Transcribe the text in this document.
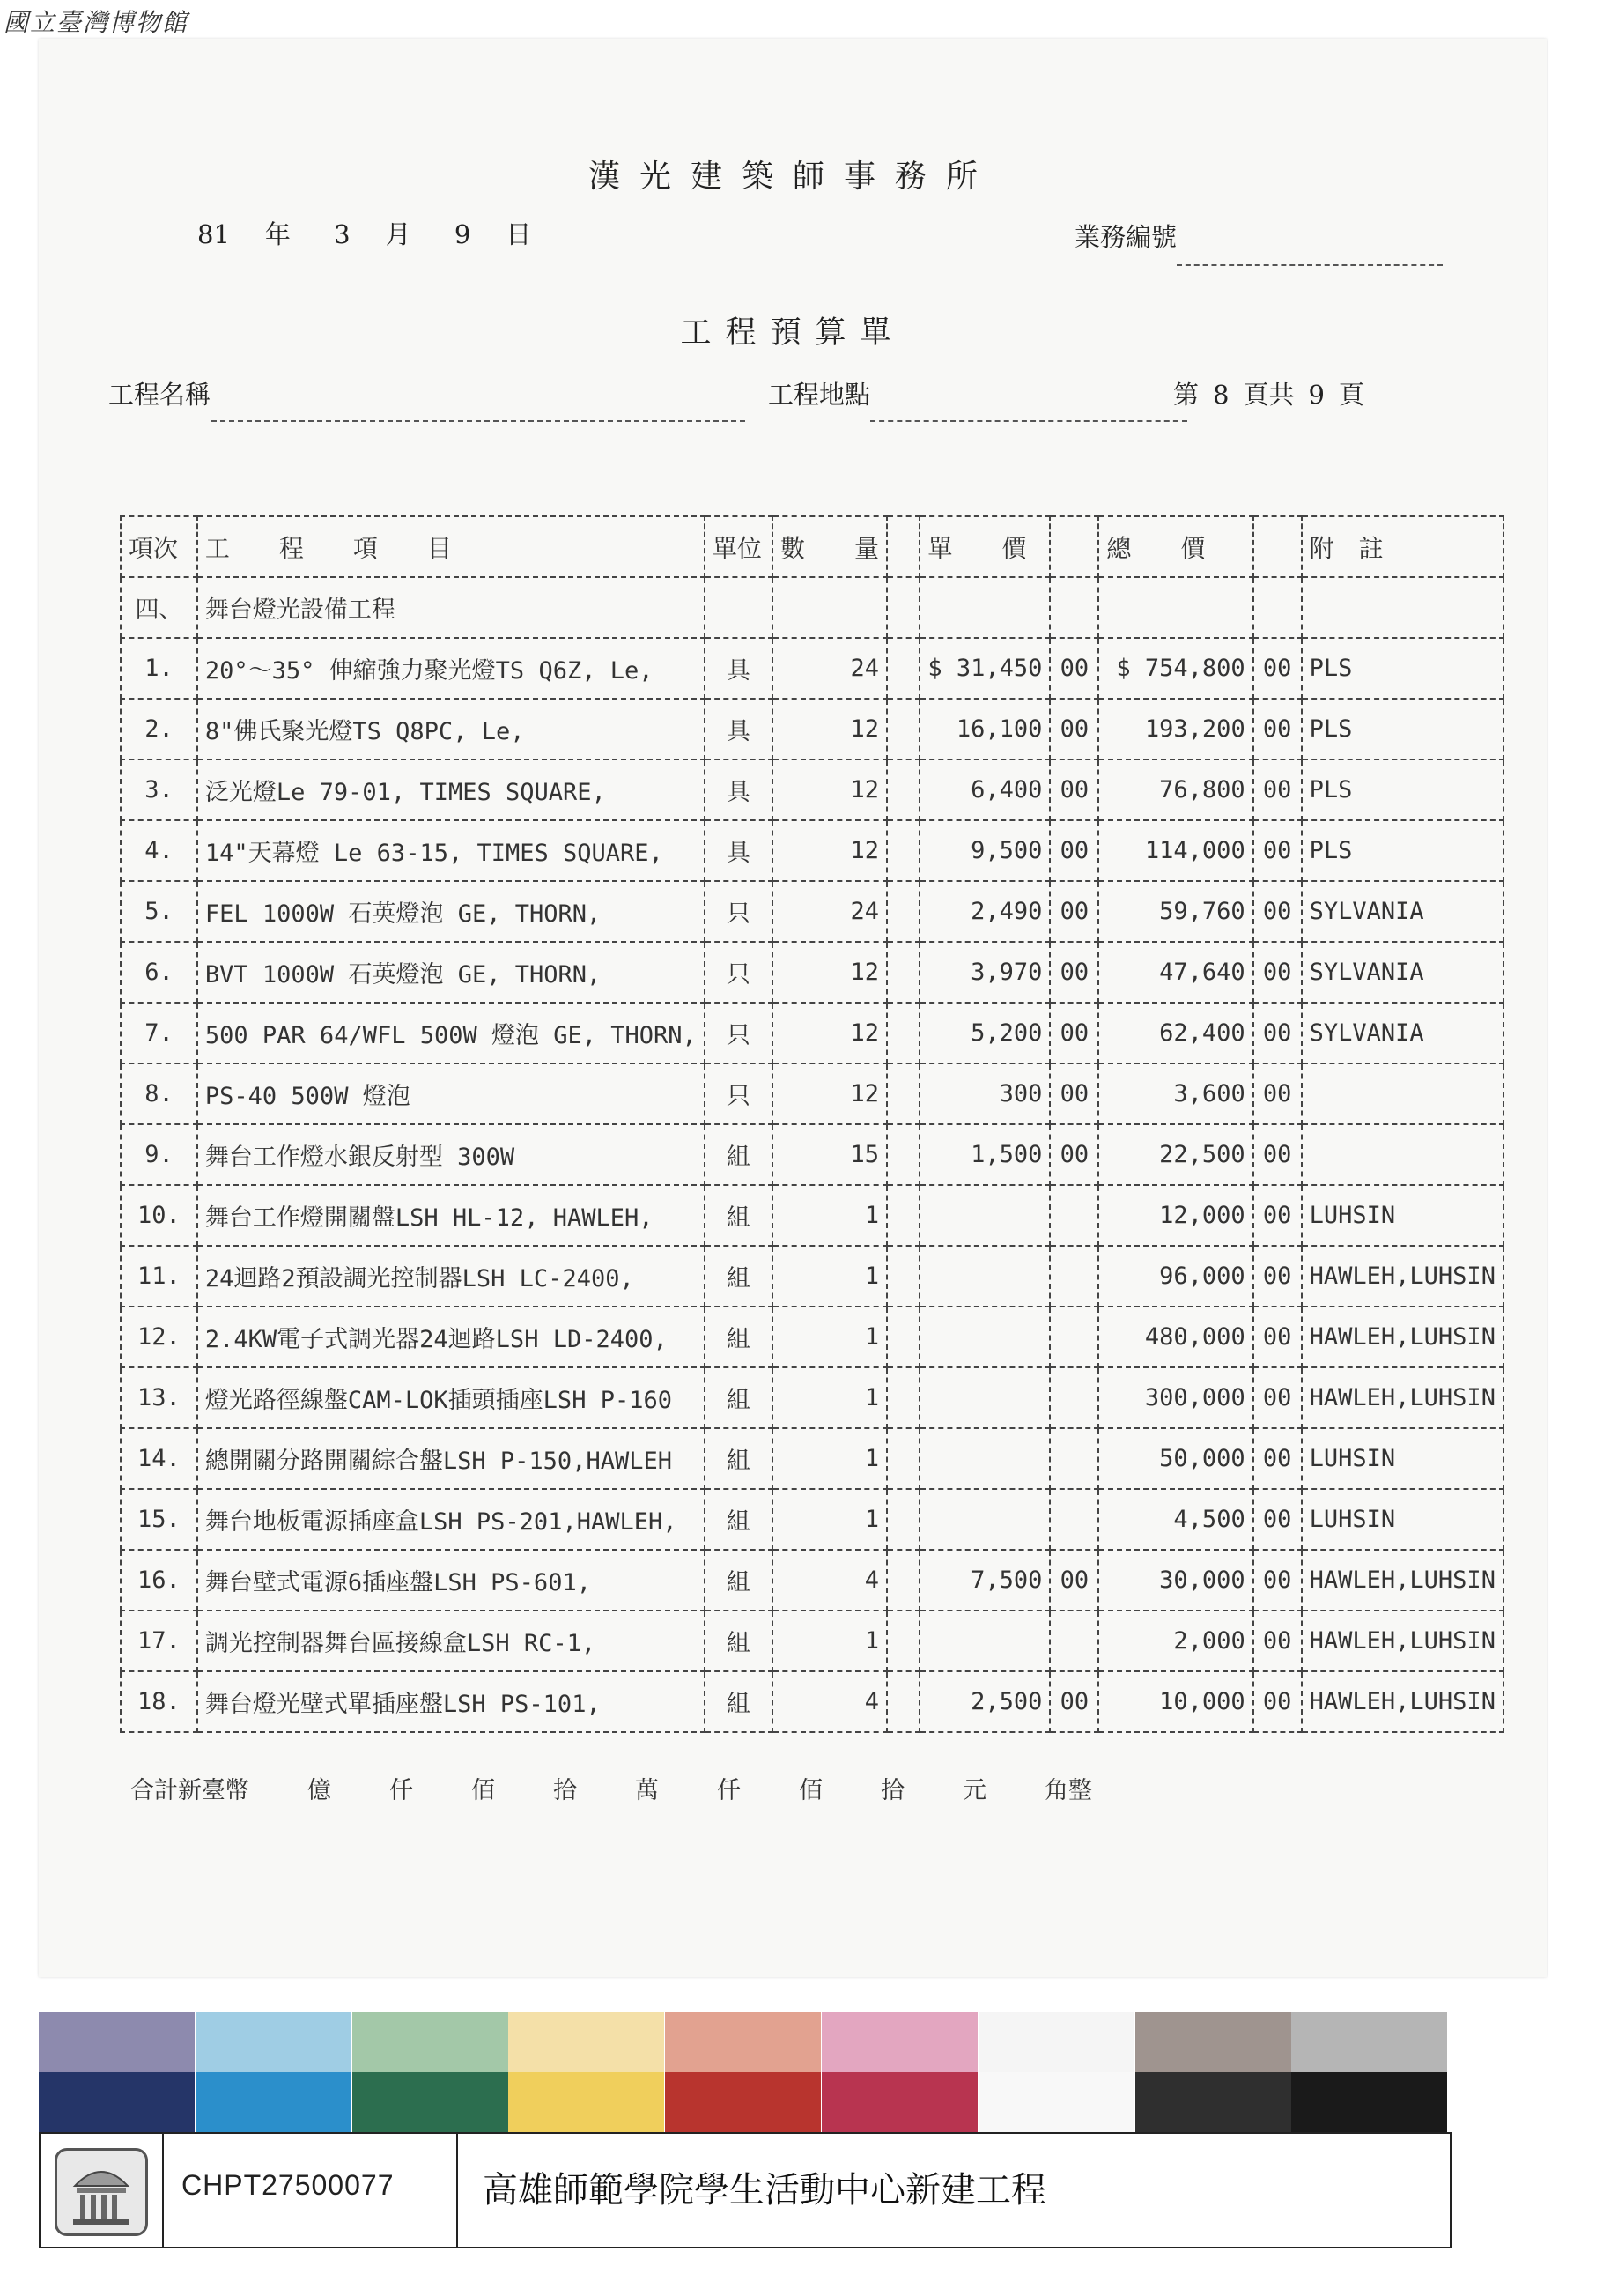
國立臺灣博物館
漢光建築師事務所
81 年 3 月 9 日	業務編號
工程預算單
工程名稱	工程地點	第 8 頁共 9 頁
項次	工　　程　　項　　目	單位	數　　量		單　　價		總　　價		附　註
四、	舞台燈光設備工程								
1.	20°～35° 伸縮強力聚光燈TS Q6Z, Le,	具	24		$ 31,450	00	$ 754,800	00	PLS
2.	8"佛氏聚光燈TS Q8PC, Le,	具	12		16,100	00	193,200	00	PLS
3.	泛光燈Le 79-01, TIMES SQUARE,	具	12		6,400	00	76,800	00	PLS
4.	14"天幕燈 Le 63-15, TIMES SQUARE,	具	12		9,500	00	114,000	00	PLS
5.	FEL 1000W 石英燈泡 GE, THORN,	只	24		2,490	00	59,760	00	SYLVANIA
6.	BVT 1000W 石英燈泡 GE, THORN,	只	12		3,970	00	47,640	00	SYLVANIA
7.	500 PAR 64/WFL 500W 燈泡 GE, THORN,	只	12		5,200	00	62,400	00	SYLVANIA
8.	PS-40 500W 燈泡	只	12		300	00	3,600	00	
9.	舞台工作燈水銀反射型 300W	組	15		1,500	00	22,500	00	
10.	舞台工作燈開關盤LSH HL-12, HAWLEH,	組	1				12,000	00	LUHSIN
11.	24迴路2預設調光控制器LSH LC-2400,	組	1				96,000	00	HAWLEH,LUHSIN
12.	2.4KW電子式調光器24迴路LSH LD-2400,	組	1				480,000	00	HAWLEH,LUHSIN
13.	燈光路徑線盤CAM-LOK插頭插座LSH P-160	組	1				300,000	00	HAWLEH,LUHSIN
14.	總開關分路開關綜合盤LSH P-150,HAWLEH	組	1				50,000	00	LUHSIN
15.	舞台地板電源插座盒LSH PS-201,HAWLEH,	組	1				4,500	00	LUHSIN
16.	舞台壁式電源6插座盤LSH PS-601,	組	4		7,500	00	30,000	00	HAWLEH,LUHSIN
17.	調光控制器舞台區接線盒LSH RC-1,	組	1				2,000	00	HAWLEH,LUHSIN
18.	舞台燈光壁式單插座盤LSH PS-101,	組	4		2,500	00	10,000	00	HAWLEH,LUHSIN
合計新臺幣 億 仟 佰 拾 萬 仟 佰 拾 元 角整
CHPT27500077	高雄師範學院學生活動中心新建工程
